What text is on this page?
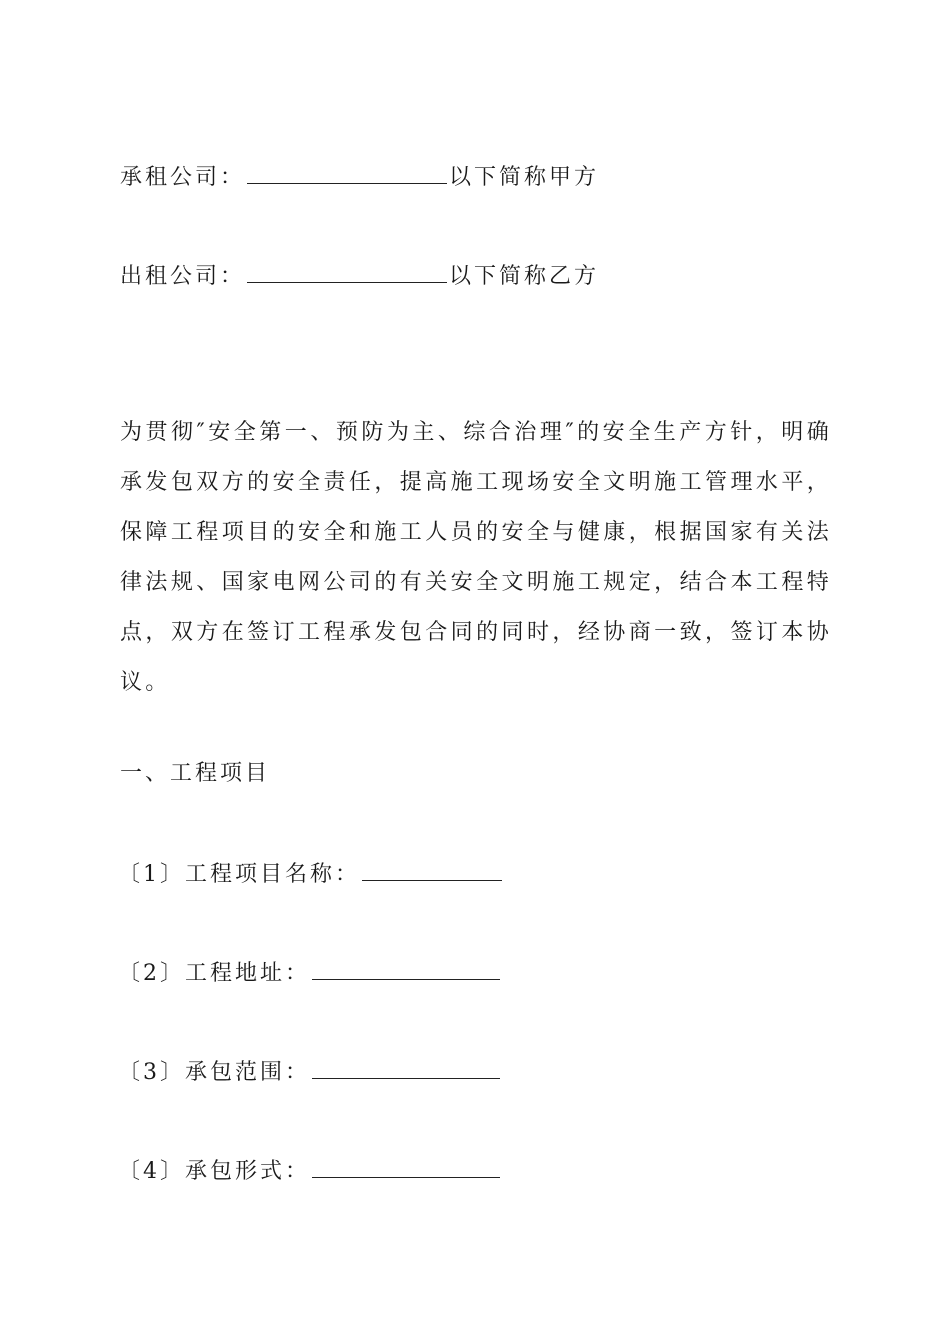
承租公司：	以下简称甲方
出租公司：	以下简称乙方
为贯彻″安全第一、预防为主、综合治理″的安全生产方针，明确承发包双方的安全责任，提高施工现场安全文明施工管理水平，保障工程项目的安全和施工人员的安全与健康，根据国家有关法律法规、国家电网公司的有关安全文明施工规定，结合本工程特点，双方在签订工程承发包合同的同时，经协商一致，签订本协议。
一、工程项目
〔1〕工程项目名称：
〔2〕工程地址：
〔3〕承包范围：
〔4〕承包形式：
